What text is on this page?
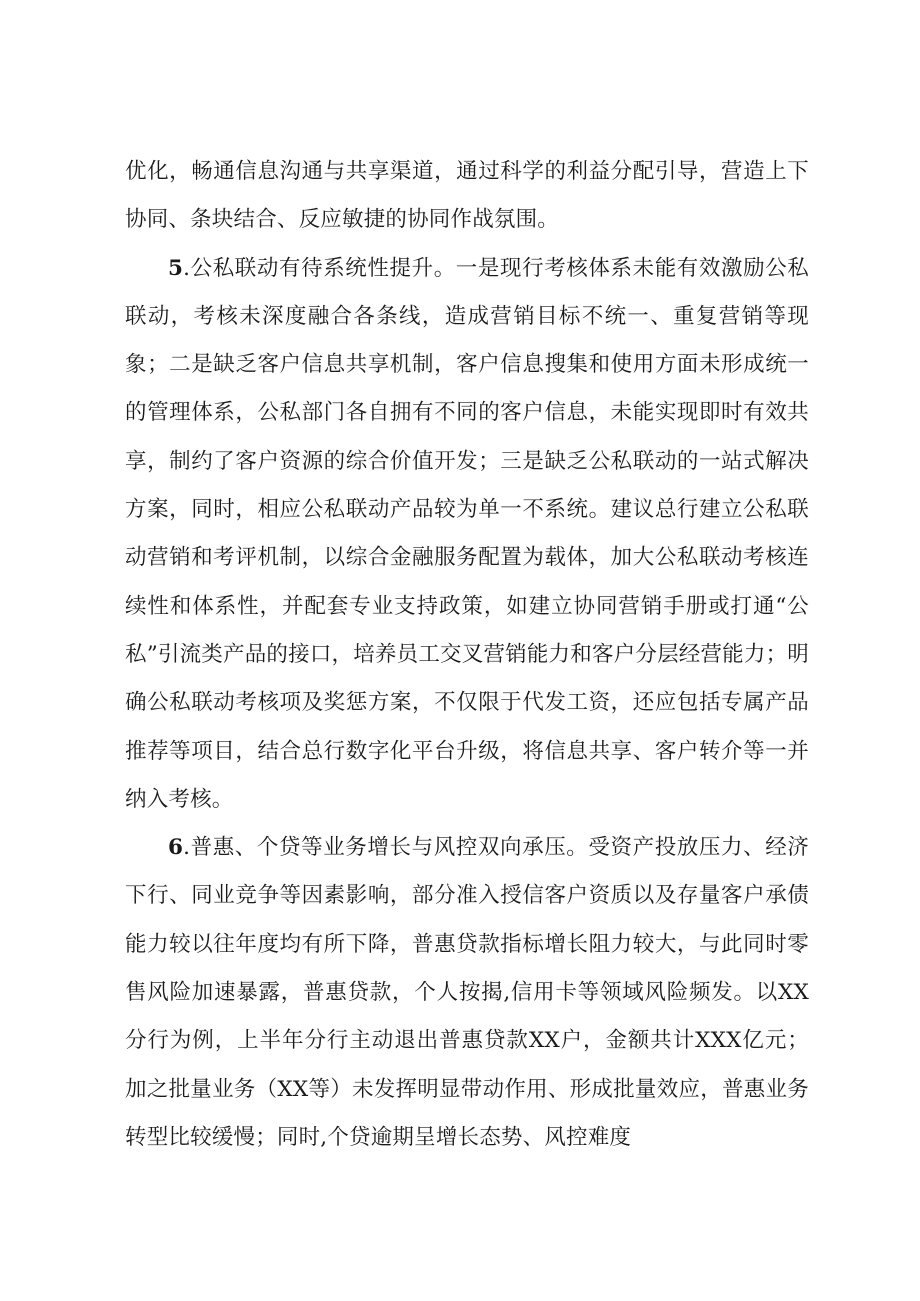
优化，畅通信息沟通与共享渠道，通过科学的利益分配引导，营造上下协同、条块结合、反应敏捷的协同作战氛围。

5.公私联动有待系统性提升。一是现行考核体系未能有效激励公私联动，考核未深度融合各条线，造成营销目标不统一、重复营销等现象；二是缺乏客户信息共享机制，客户信息搜集和使用方面未形成统一的管理体系，公私部门各自拥有不同的客户信息，未能实现即时有效共享，制约了客户资源的综合价值开发；三是缺乏公私联动的一站式解决方案，同时，相应公私联动产品较为单一不系统。建议总行建立公私联动营销和考评机制，以综合金融服务配置为载体，加大公私联动考核连续性和体系性，并配套专业支持政策，如建立协同营销手册或打通“公私”引流类产品的接口，培养员工交叉营销能力和客户分层经营能力；明确公私联动考核项及奖惩方案，不仅限于代发工资，还应包括专属产品推荐等项目，结合总行数字化平台升级，将信息共享、客户转介等一并纳入考核。

6.普惠、个贷等业务增长与风控双向承压。受资产投放压力、经济下行、同业竞争等因素影响，部分准入授信客户资质以及存量客户承债能力较以往年度均有所下降，普惠贷款指标增长阻力较大，与此同时零售风险加速暴露，普惠贷款，个人按揭,信用卡等领域风险频发。以XX分行为例，上半年分行主动退出普惠贷款XX户，金额共计XXX亿元；加之批量业务（XX等）未发挥明显带动作用、形成批量效应，普惠业务转型比较缓慢；同时,个贷逾期呈增长态势、风控难度
